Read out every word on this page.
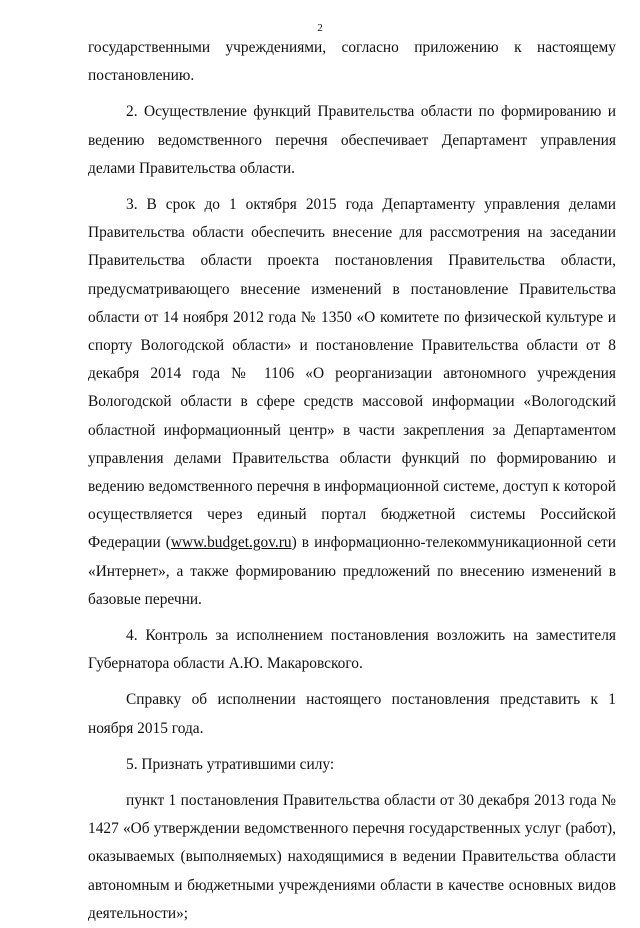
2

государственными учреждениями, согласно приложению к настоящему постановлению.

2. Осуществление функций Правительства области по формированию и ведению ведомственного перечня обеспечивает Департамент управления делами Правительства области.

3. В срок до 1 октября 2015 года Департаменту управления делами Правительства области обеспечить внесение для рассмотрения на заседании Правительства области проекта постановления Правительства области, предусматривающего внесение изменений в постановление Правительства области от 14 ноября 2012 года № 1350 «О комитете по физической культуре и спорту Вологодской области» и постановление Правительства области от 8 декабря 2014 года № 1106 «О реорганизации автономного учреждения Вологодской области в сфере средств массовой информации «Вологодский областной информационный центр» в части закрепления за Департаментом управления делами Правительства области функций по формированию и ведению ведомственного перечня в информационной системе, доступ к которой осуществляется через единый портал бюджетной системы Российской Федерации (www.budget.gov.ru) в информационно-телекоммуникационной сети «Интернет», а также формированию предложений по внесению изменений в базовые перечни.

4. Контроль за исполнением постановления возложить на заместителя Губернатора области А.Ю. Макаровского.

Справку об исполнении настоящего постановления представить к 1 ноября 2015 года.

5. Признать утратившими силу:

пункт 1 постановления Правительства области от 30 декабря 2013 года № 1427 «Об утверждении ведомственного перечня государственных услуг (работ), оказываемых (выполняемых) находящимися в ведении Правительства области автономным и бюджетными учреждениями области в качестве основных видов деятельности»;
